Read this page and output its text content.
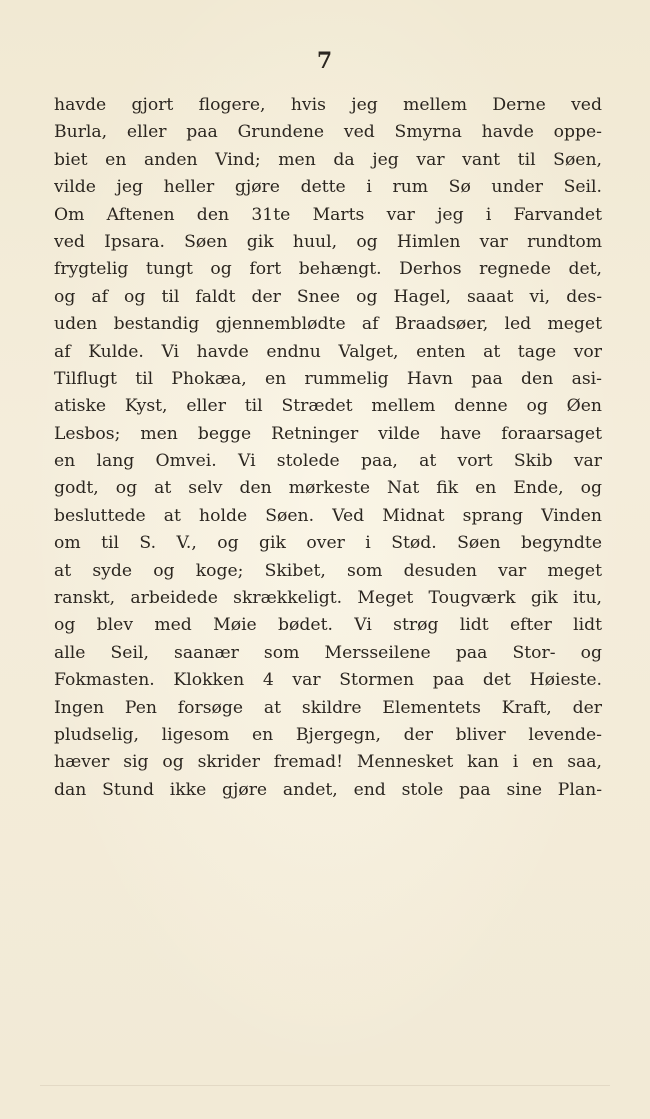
7
havde gjort flogere, hvis jeg mellem Derne ved
Burla, eller paa Grundene ved Smyrna havde oppe-
biet en anden Vind; men da jeg var vant til Søen,
vilde jeg heller gjøre dette i rum Sø under Seil.
Om Aftenen den 31te Marts var jeg i Farvandet
ved Ipsara. Søen gik huul, og Himlen var rundtom
frygtelig tungt og fort behængt. Derhos regnede det,
og af og til faldt der Snee og Hagel, saaat vi, des-
uden bestandig gjennemblødte af Braadsøer, led meget
af Kulde. Vi havde endnu Valget, enten at tage vor
Tilflugt til Phokæa, en rummelig Havn paa den asi-
atiske Kyst, eller til Strædet mellem denne og Øen
Lesbos; men begge Retninger vilde have foraarsaget
en lang Omvei. Vi stolede paa, at vort Skib var
godt, og at selv den mørkeste Nat fik en Ende, og
besluttede at holde Søen. Ved Midnat sprang Vinden
om til S. V., og gik over i Stød. Søen begyndte
at syde og koge; Skibet, som desuden var meget
ranskt, arbeidede skrækkeligt. Meget Tougværk gik itu,
og blev med Møie bødet. Vi strøg lidt efter lidt
alle Seil, saanær som Mersseilene paa Stor- og
Fokmasten. Klokken 4 var Stormen paa det Høieste.
Ingen Pen forsøge at skildre Elementets Kraft, der
pludselig, ligesom en Bjergegn, der bliver levende-
hæver sig og skrider fremad! Mennesket kan i en saa,
dan Stund ikke gjøre andet, end stole paa sine Plan-
